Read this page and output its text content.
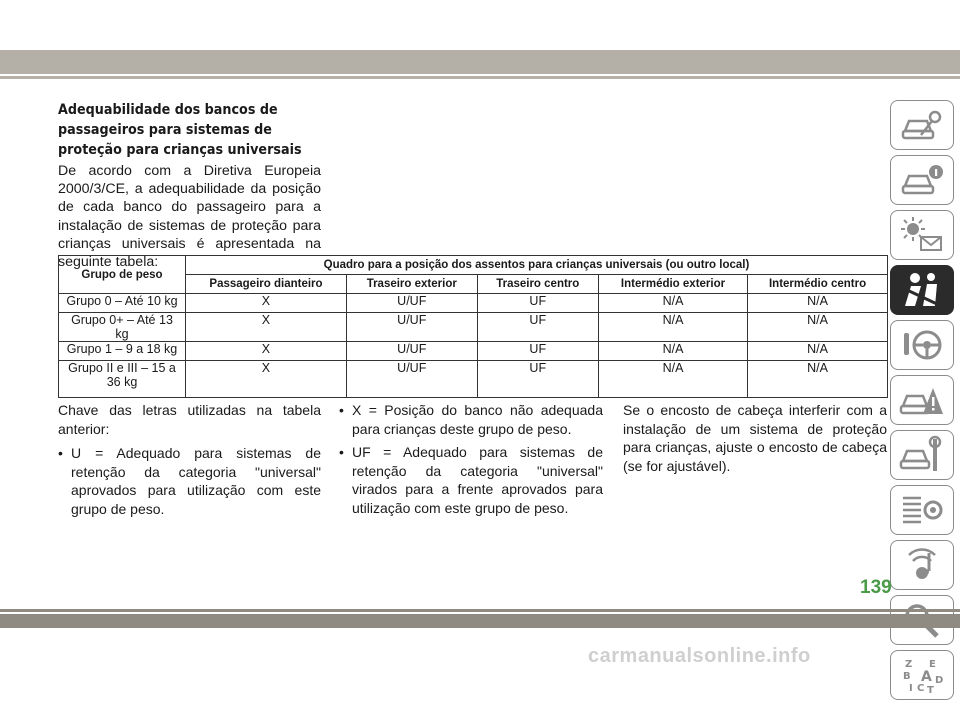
Adequabilidade dos bancos de passageiros para sistemas de proteção para crianças universais
De acordo com a Diretiva Europeia 2000/3/CE, a adequabilidade da posição de cada banco do passageiro para a instalação de sistemas de proteção para crianças universais é apresentada na seguinte tabela:
Grupo de peso	Quadro para a posição dos assentos para crianças universais (ou outro local)				
	Passageiro dianteiro	Traseiro exterior	Traseiro centro	Intermédio exterior	Intermédio centro
Grupo 0 – Até 10 kg	X	U/UF	UF	N/A	N/A
Grupo 0+ – Até 13 kg	X	U/UF	UF	N/A	N/A
Grupo 1 – 9 a 18 kg	X	U/UF	UF	N/A	N/A
Grupo II e III – 15 a 36 kg	X	U/UF	UF	N/A	N/A

Chave das letras utilizadas na tabela anterior:

• U = Adequado para sistemas de retenção da categoria "universal" aprovados para utilização com este grupo de peso.
• X = Posição do banco não adequada para crianças deste grupo de peso.
• UF = Adequado para sistemas de retenção da categoria "universal" virados para a frente aprovados para utilização com este grupo de peso.

Se o encosto de cabeça interferir com a instalação de um sistema de proteção para crianças, ajuste o encosto de cabeça (se for ajustável).

Z E
B A D
I C T
139
carmanualsonline.info
